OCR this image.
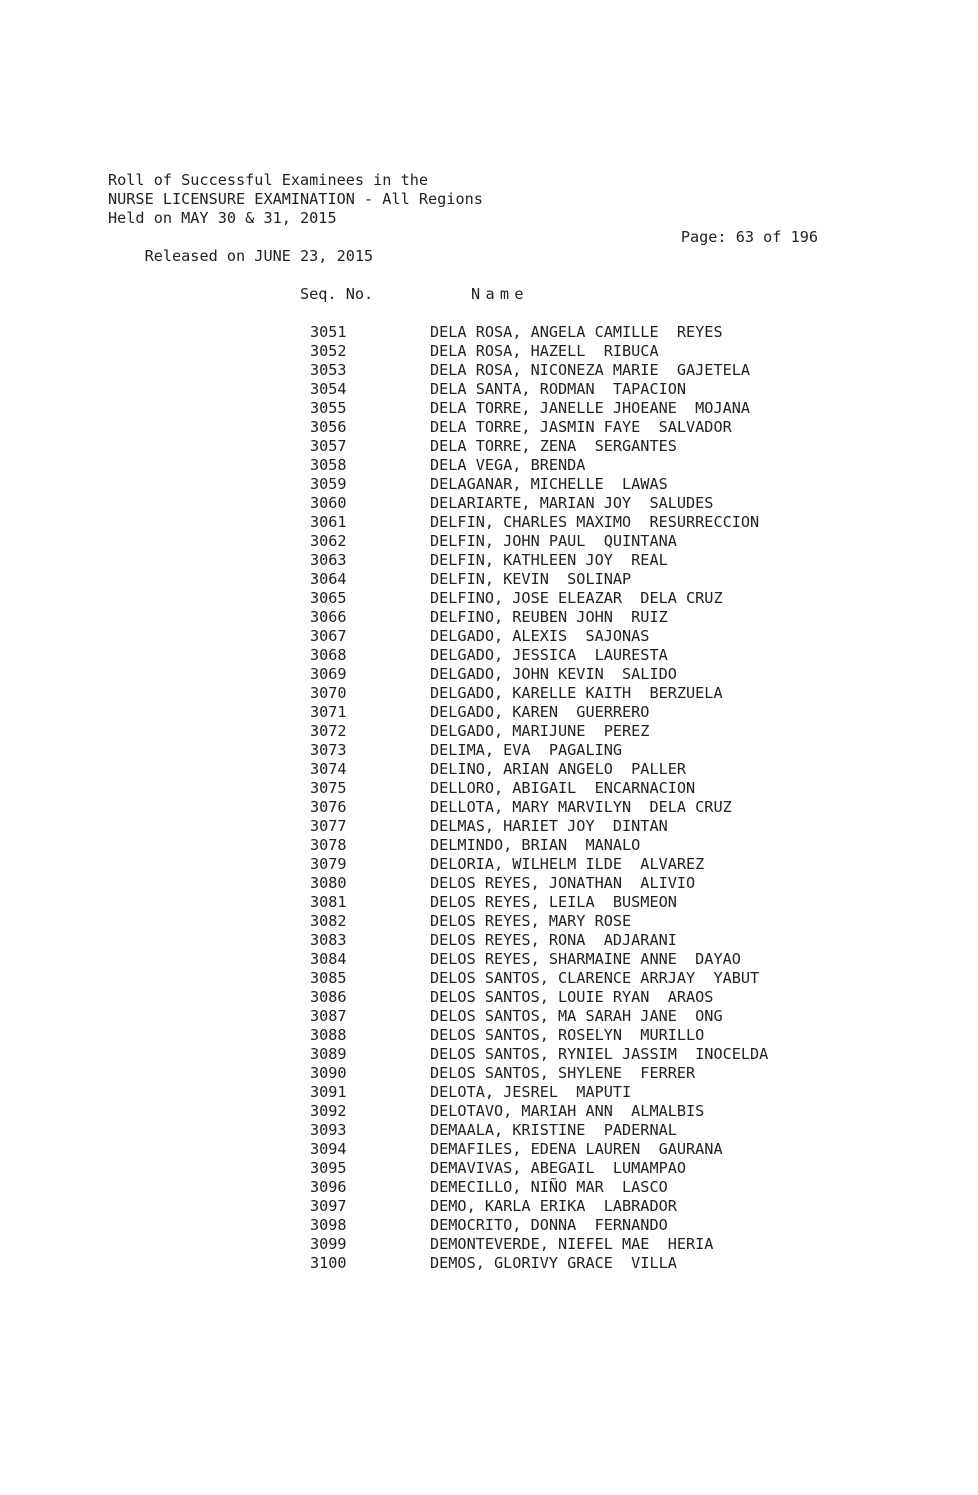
Roll of Successful Examinees in the
NURSE LICENSURE EXAMINATION - All Regions
Held on MAY 30 & 31, 2015

Released on JUNE 23, 2015

Page: 63 of 196

Seq. No.	Name
3051	DELA ROSA, ANGELA CAMILLE  REYES
3052	DELA ROSA, HAZELL  RIBUCA
3053	DELA ROSA, NICONEZA MARIE  GAJETELA
3054	DELA SANTA, RODMAN  TAPACION
3055	DELA TORRE, JANELLE JHOEANE  MOJANA
3056	DELA TORRE, JASMIN FAYE  SALVADOR
3057	DELA TORRE, ZENA  SERGANTES
3058	DELA VEGA, BRENDA
3059	DELAGANAR, MICHELLE  LAWAS
3060	DELARIARTE, MARIAN JOY  SALUDES
3061	DELFIN, CHARLES MAXIMO  RESURRECCION
3062	DELFIN, JOHN PAUL  QUINTANA
3063	DELFIN, KATHLEEN JOY  REAL
3064	DELFIN, KEVIN  SOLINAP
3065	DELFINO, JOSE ELEAZAR  DELA CRUZ
3066	DELFINO, REUBEN JOHN  RUIZ
3067	DELGADO, ALEXIS  SAJONAS
3068	DELGADO, JESSICA  LAURESTA
3069	DELGADO, JOHN KEVIN  SALIDO
3070	DELGADO, KARELLE KAITH  BERZUELA
3071	DELGADO, KAREN  GUERRERO
3072	DELGADO, MARIJUNE  PEREZ
3073	DELIMA, EVA  PAGALING
3074	DELINO, ARIAN ANGELO  PALLER
3075	DELLORO, ABIGAIL  ENCARNACION
3076	DELLOTA, MARY MARVILYN  DELA CRUZ
3077	DELMAS, HARIET JOY  DINTAN
3078	DELMINDO, BRIAN  MANALO
3079	DELORIA, WILHELM ILDE  ALVAREZ
3080	DELOS REYES, JONATHAN  ALIVIO
3081	DELOS REYES, LEILA  BUSMEON
3082	DELOS REYES, MARY ROSE
3083	DELOS REYES, RONA  ADJARANI
3084	DELOS REYES, SHARMAINE ANNE  DAYAO
3085	DELOS SANTOS, CLARENCE ARRJAY  YABUT
3086	DELOS SANTOS, LOUIE RYAN  ARAOS
3087	DELOS SANTOS, MA SARAH JANE  ONG
3088	DELOS SANTOS, ROSELYN  MURILLO
3089	DELOS SANTOS, RYNIEL JASSIM  INOCELDA
3090	DELOS SANTOS, SHYLENE  FERRER
3091	DELOTA, JESREL  MAPUTI
3092	DELOTAVO, MARIAH ANN  ALMALBIS
3093	DEMAALA, KRISTINE  PADERNAL
3094	DEMAFILES, EDENA LAUREN  GAURANA
3095	DEMAVIVAS, ABEGAIL  LUMAMPAO
3096	DEMECILLO, NIÑO MAR  LASCO
3097	DEMO, KARLA ERIKA  LABRADOR
3098	DEMOCRITO, DONNA  FERNANDO
3099	DEMONTEVERDE, NIEFEL MAE  HERIA
3100	DEMOS, GLORIVY GRACE  VILLA
